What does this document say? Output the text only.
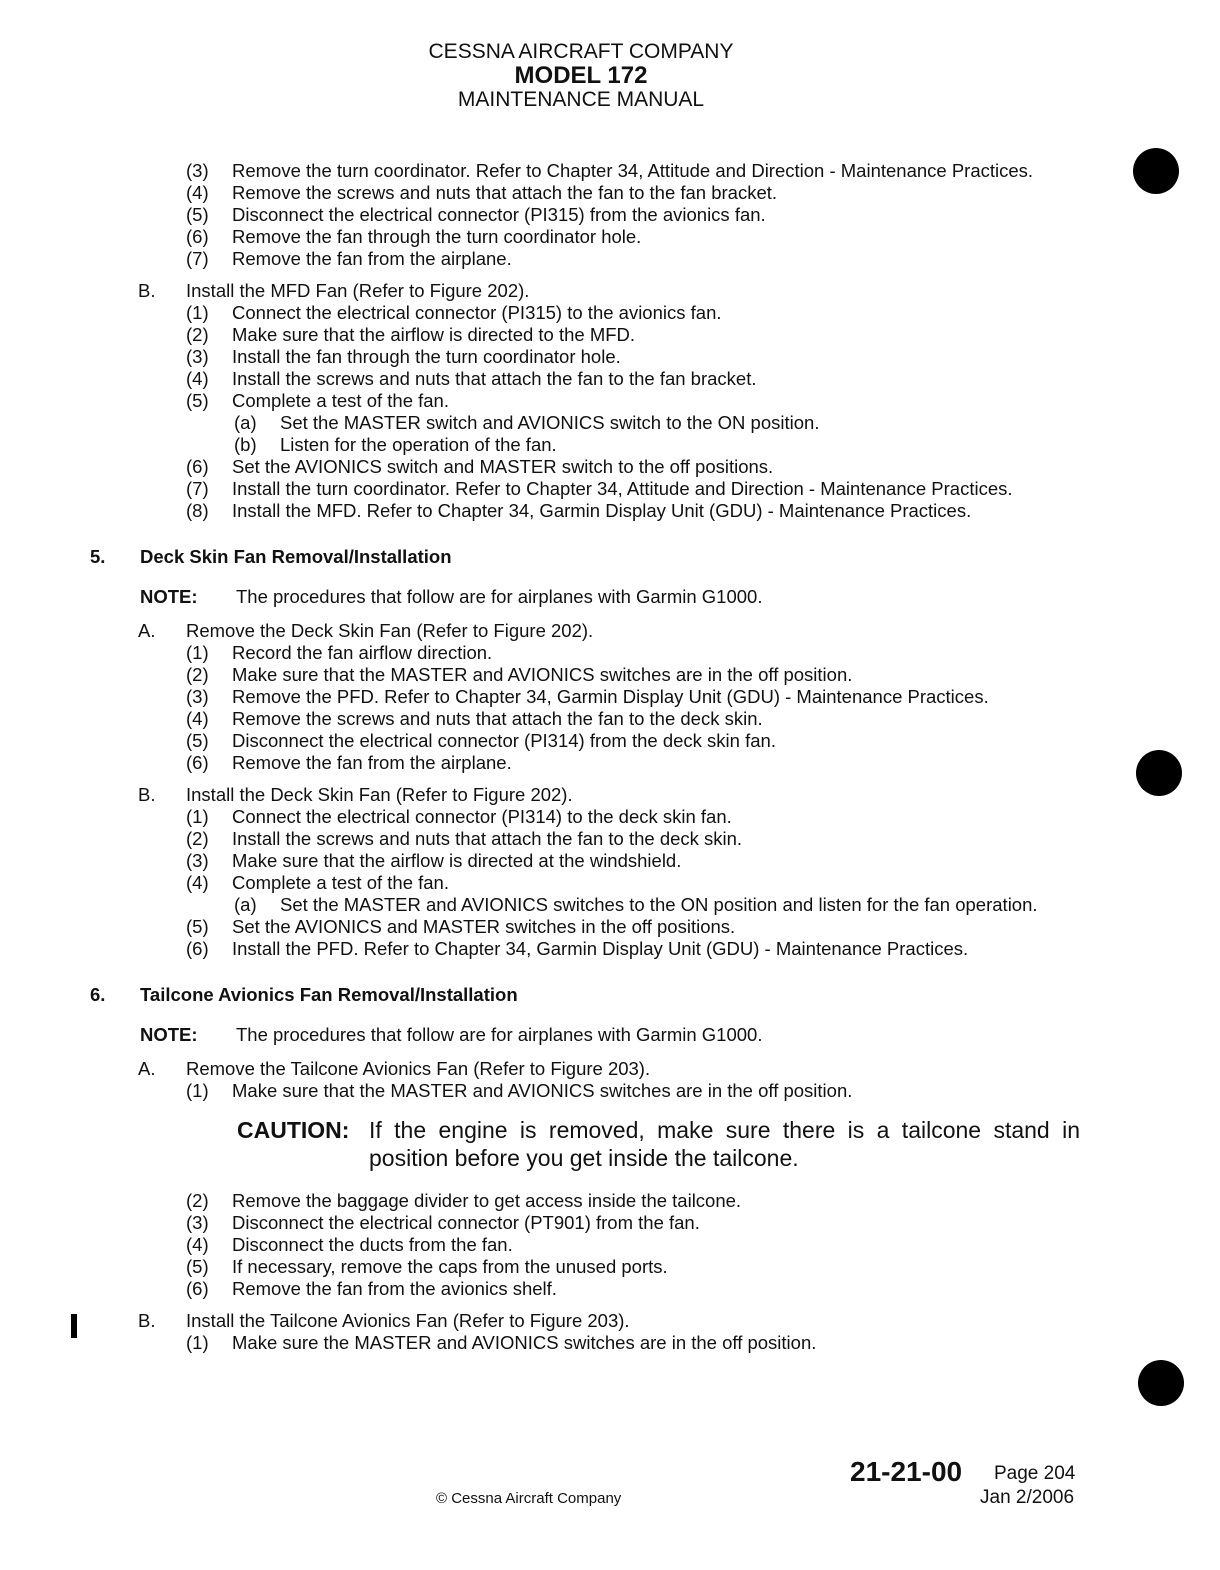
CESSNA AIRCRAFT COMPANY
MODEL 172
MAINTENANCE MANUAL
(3)	Remove the turn coordinator. Refer to Chapter 34, Attitude and Direction - Maintenance Practices.
(4)	Remove the screws and nuts that attach the fan to the fan bracket.
(5)	Disconnect the electrical connector (PI315) from the avionics fan.
(6)	Remove the fan through the turn coordinator hole.
(7)	Remove the fan from the airplane.
B.	Install the MFD Fan (Refer to Figure 202).
(1)	Connect the electrical connector (PI315) to the avionics fan.
(2)	Make sure that the airflow is directed to the MFD.
(3)	Install the fan through the turn coordinator hole.
(4)	Install the screws and nuts that attach the fan to the fan bracket.
(5)	Complete a test of the fan.
(a)	Set the MASTER switch and AVIONICS switch to the ON position.
(b)	Listen for the operation of the fan.
(6)	Set the AVIONICS switch and MASTER switch to the off positions.
(7)	Install the turn coordinator. Refer to Chapter 34, Attitude and Direction - Maintenance Practices.
(8)	Install the MFD. Refer to Chapter 34, Garmin Display Unit (GDU) - Maintenance Practices.
5.	Deck Skin Fan Removal/Installation
NOTE:	The procedures that follow are for airplanes with Garmin G1000.
A.	Remove the Deck Skin Fan (Refer to Figure 202).
(1)	Record the fan airflow direction.
(2)	Make sure that the MASTER and AVIONICS switches are in the off position.
(3)	Remove the PFD. Refer to Chapter 34, Garmin Display Unit (GDU) - Maintenance Practices.
(4)	Remove the screws and nuts that attach the fan to the deck skin.
(5)	Disconnect the electrical connector (PI314) from the deck skin fan.
(6)	Remove the fan from the airplane.
B.	Install the Deck Skin Fan (Refer to Figure 202).
(1)	Connect the electrical connector (PI314) to the deck skin fan.
(2)	Install the screws and nuts that attach the fan to the deck skin.
(3)	Make sure that the airflow is directed at the windshield.
(4)	Complete a test of the fan.
(a)	Set the MASTER and AVIONICS switches to the ON position and listen for the fan operation.
(5)	Set the AVIONICS and MASTER switches in the off positions.
(6)	Install the PFD. Refer to Chapter 34, Garmin Display Unit (GDU) - Maintenance Practices.
6.	Tailcone Avionics Fan Removal/Installation
NOTE:	The procedures that follow are for airplanes with Garmin G1000.
A.	Remove the Tailcone Avionics Fan (Refer to Figure 203).
(1)	Make sure that the MASTER and AVIONICS switches are in the off position.
CAUTION: If the engine is removed, make sure there is a tailcone stand in position before you get inside the tailcone.
(2)	Remove the baggage divider to get access inside the tailcone.
(3)	Disconnect the electrical connector (PT901) from the fan.
(4)	Disconnect the ducts from the fan.
(5)	If necessary, remove the caps from the unused ports.
(6)	Remove the fan from the avionics shelf.
B.	Install the Tailcone Avionics Fan (Refer to Figure 203).
(1)	Make sure the MASTER and AVIONICS switches are in the off position.
21-21-00 Page 204
Jan 2/2006
© Cessna Aircraft Company
